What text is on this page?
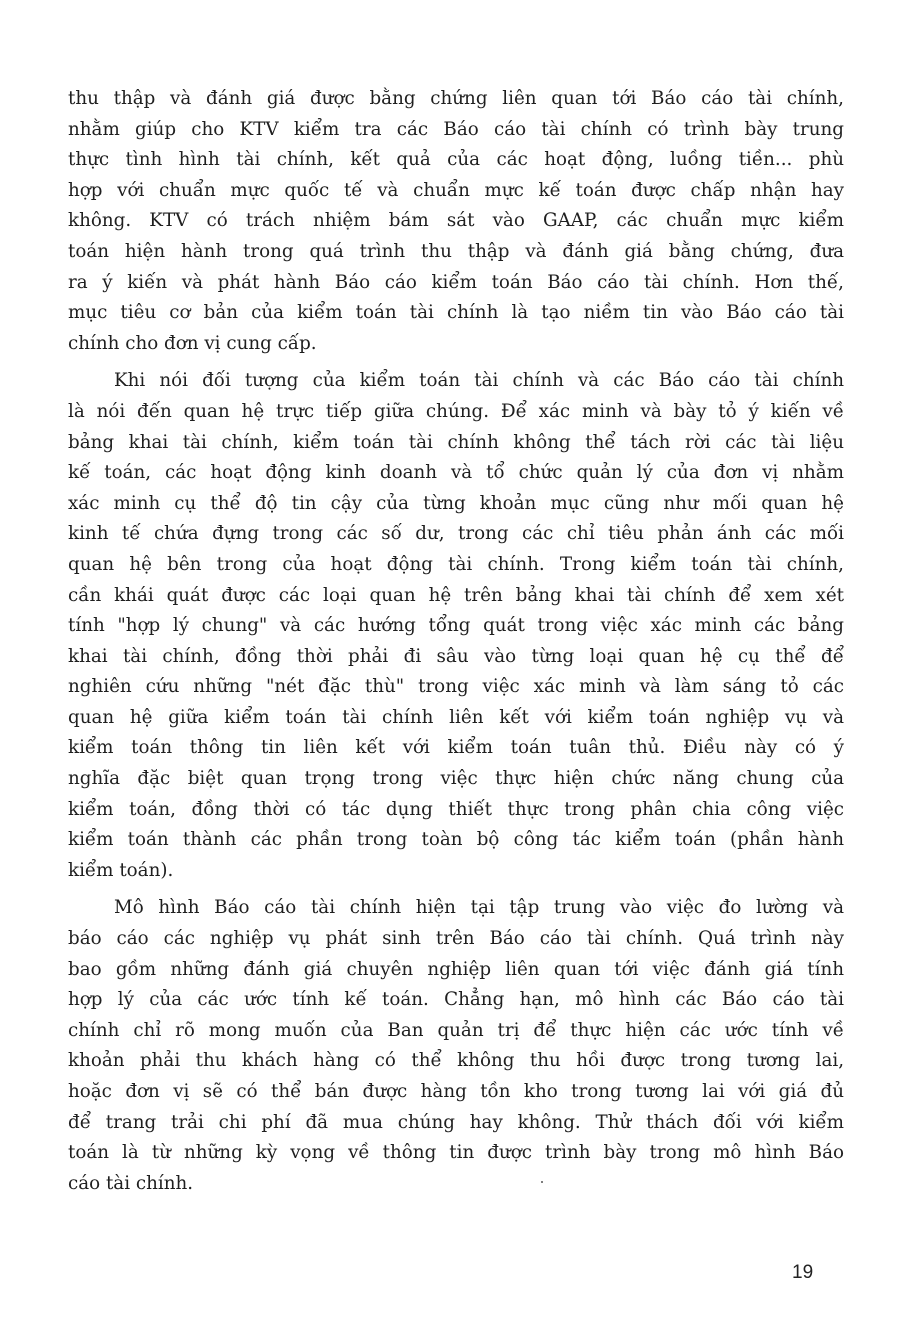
thu thập và đánh giá được bằng chứng liên quan tới Báo cáo tài chính,
nhằm giúp cho KTV kiểm tra các Báo cáo tài chính có trình bày trung
thực tình hình tài chính, kết quả của các hoạt động, luồng tiền... phù
hợp với chuẩn mực quốc tế và chuẩn mực kế toán được chấp nhận hay
không. KTV có trách nhiệm bám sát vào GAAP, các chuẩn mực kiểm
toán hiện hành trong quá trình thu thập và đánh giá bằng chứng, đưa
ra ý kiến và phát hành Báo cáo kiểm toán Báo cáo tài chính. Hơn thế,
mục tiêu cơ bản của kiểm toán tài chính là tạo niềm tin vào Báo cáo tài
chính cho đơn vị cung cấp.

Khi nói đối tượng của kiểm toán tài chính và các Báo cáo tài chính
là nói đến quan hệ trực tiếp giữa chúng. Để xác minh và bày tỏ ý kiến về
bảng khai tài chính, kiểm toán tài chính không thể tách rời các tài liệu
kế toán, các hoạt động kinh doanh và tổ chức quản lý của đơn vị nhằm
xác minh cụ thể độ tin cậy của từng khoản mục cũng như mối quan hệ
kinh tế chứa đựng trong các số dư, trong các chỉ tiêu phản ánh các mối
quan hệ bên trong của hoạt động tài chính. Trong kiểm toán tài chính,
cần khái quát được các loại quan hệ trên bảng khai tài chính để xem xét
tính "hợp lý chung" và các hướng tổng quát trong việc xác minh các bảng
khai tài chính, đồng thời phải đi sâu vào từng loại quan hệ cụ thể để
nghiên cứu những "nét đặc thù" trong việc xác minh và làm sáng tỏ các
quan hệ giữa kiểm toán tài chính liên kết với kiểm toán nghiệp vụ và
kiểm toán thông tin liên kết với kiểm toán tuân thủ. Điều này có ý
nghĩa đặc biệt quan trọng trong việc thực hiện chức năng chung của
kiểm toán, đồng thời có tác dụng thiết thực trong phân chia công việc
kiểm toán thành các phần trong toàn bộ công tác kiểm toán (phần hành
kiểm toán).

Mô hình Báo cáo tài chính hiện tại tập trung vào việc đo lường và
báo cáo các nghiệp vụ phát sinh trên Báo cáo tài chính. Quá trình này
bao gồm những đánh giá chuyên nghiệp liên quan tới việc đánh giá tính
hợp lý của các ước tính kế toán. Chẳng hạn, mô hình các Báo cáo tài
chính chỉ rõ mong muốn của Ban quản trị để thực hiện các ước tính về
khoản phải thu khách hàng có thể không thu hồi được trong tương lai,
hoặc đơn vị sẽ có thể bán được hàng tồn kho trong tương lai với giá đủ
để trang trải chi phí đã mua chúng hay không. Thử thách đối với kiểm
toán là từ những kỳ vọng về thông tin được trình bày trong mô hình Báo
cáo tài chính.

19
